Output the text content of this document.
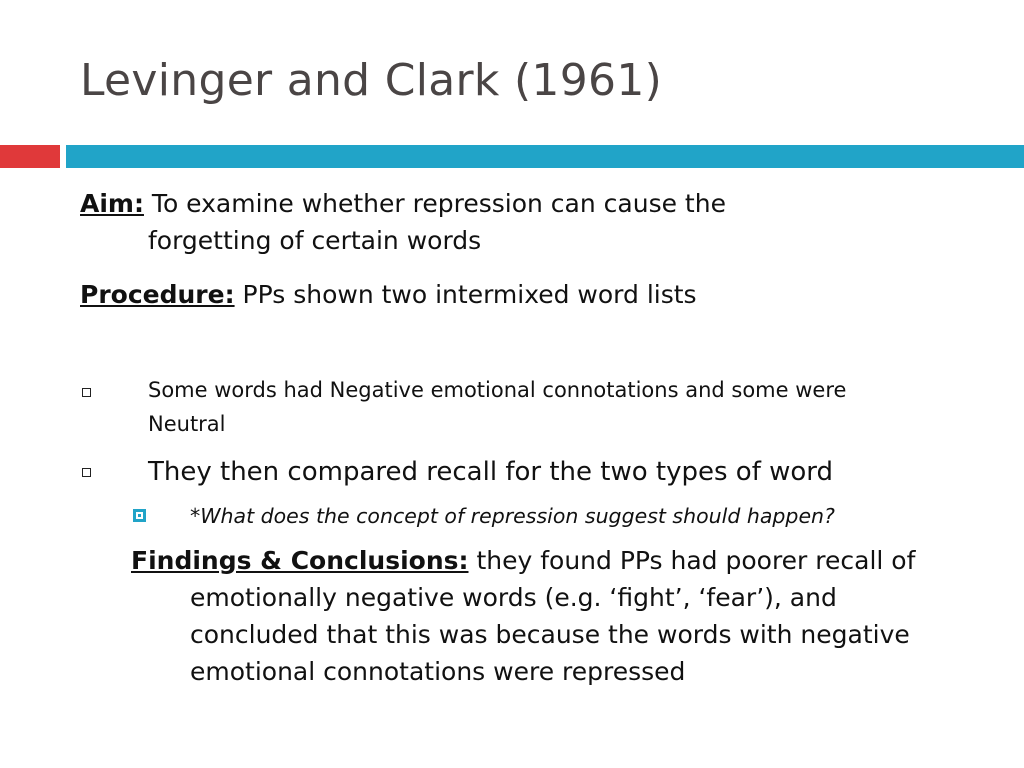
Levinger and Clark (1961)

Aim: To examine whether repression can cause the
forgetting of certain words

Procedure: PPs shown two intermixed word lists

Some words had Negative emotional connotations and some were
Neutral

They then compared recall for the two types of word

*What does the concept of repression suggest should happen?

Findings & Conclusions: they found PPs had poorer recall of
emotionally negative words (e.g. ‘fight’, ‘fear’), and
concluded that this was because the words with negative
emotional connotations were repressed
